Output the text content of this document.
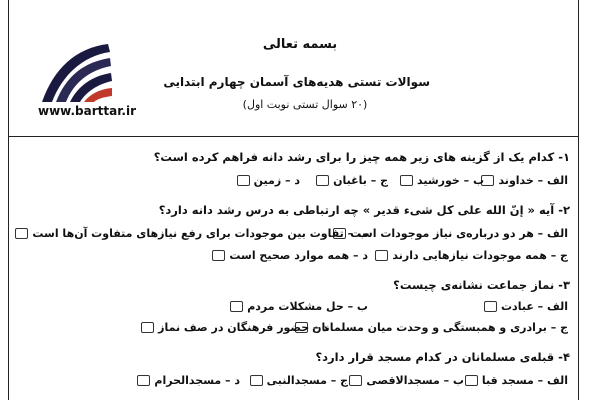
www.barttar.ir
بسمه تعالی
سوالات تستی هدیه‌های آسمان چهارم ابتدایی
(۲۰ سوال تستی نوبت اول)
۱- کدام یک از گزینه های زیر همه چیز را برای رشد دانه فراهم کرده است؟
الف – خداوند
ب – خورشید
ج – باغبان
د – زمین
۲- آیه « إنّ الله علی کل شیء قدیر » چه ارتباطی به درس رشد دانه دارد؟
الف – هر دو درباره‌ی نیاز موجودات است
ب – تفاوت بین موجودات برای رفع نیازهای متفاوت آن‌ها است
ج – همه موجودات نیازهایی دارند
د – همه موارد صحیح است
۳- نماز جماعت نشانه‌ی چیست؟
الف – عبادت
ب – حل مشکلات مردم
ج – برادری و همبستگی و وحدت میان مسلمانان
د – حضور فرهنگان در صف نماز
۴- قبله‌ی مسلمانان در کدام مسجد قرار دارد؟
الف – مسجد قبا
ب – مسجدالاقصی
ج – مسجدالنبی
د – مسجدالحرام
